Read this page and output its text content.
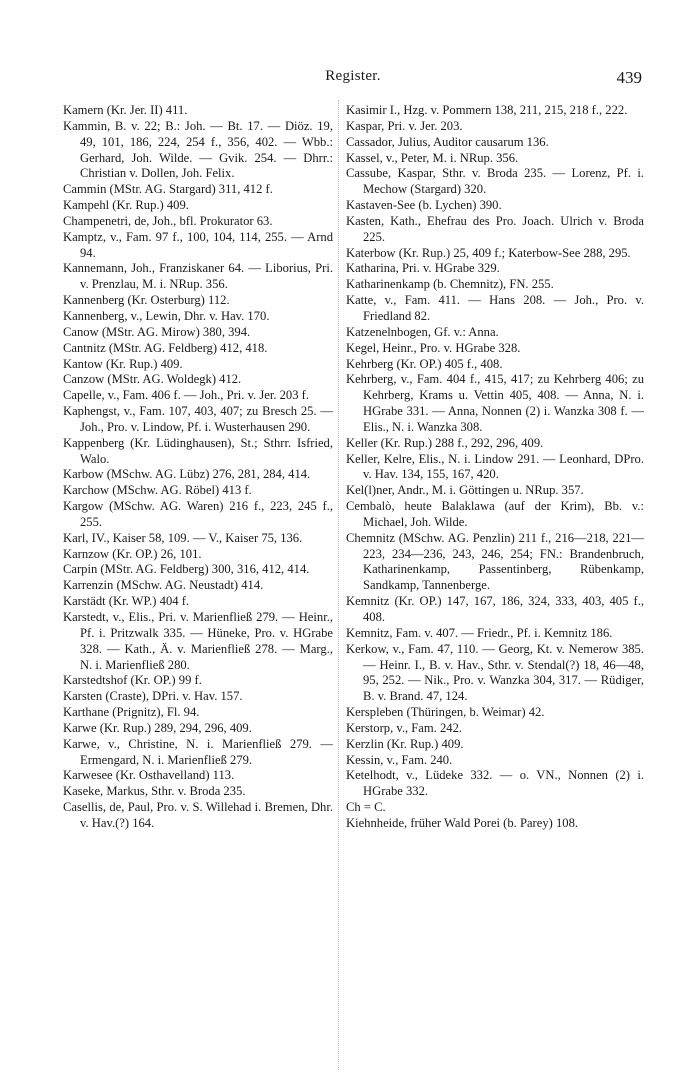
Register.	439

Kamern (Kr. Jer. II) 411.

Kammin, B. v. 22; B.: Joh. — Bt. 17. — Diöz. 19, 49, 101, 186, 224, 254 f., 356, 402. — Wbb.: Gerhard, Joh. Wilde. — Gvik. 254. — Dhrr.: Christian v. Dollen, Joh. Felix.

Cammin (MStr. AG. Stargard) 311, 412 f.

Kampehl (Kr. Rup.) 409.

Champenetri, de, Joh., bfl. Prokurator 63.

Kamptz, v., Fam. 97 f., 100, 104, 114, 255. — Arnd 94.

Kannemann, Joh., Franziskaner 64. — Liborius, Pri. v. Prenzlau, M. i. NRup. 356.

Kannenberg (Kr. Osterburg) 112.

Kannenberg, v., Lewin, Dhr. v. Hav. 170.

Canow (MStr. AG. Mirow) 380, 394.

Cantnitz (MStr. AG. Feldberg) 412, 418.

Kantow (Kr. Rup.) 409.

Canzow (MStr. AG. Woldegk) 412.

Capelle, v., Fam. 406 f. — Joh., Pri. v. Jer. 203 f.

Kaphengst, v., Fam. 107, 403, 407; zu Bresch 25. — Joh., Pro. v. Lindow, Pf. i. Wusterhausen 290.

Kappenberg (Kr. Lüdinghausen), St.; Sthrr. Isfried, Walo.

Karbow (MSchw. AG. Lübz) 276, 281, 284, 414.

Karchow (MSchw. AG. Röbel) 413 f.

Kargow (MSchw. AG. Waren) 216 f., 223, 245 f., 255.

Karl, IV., Kaiser 58, 109. — V., Kaiser 75, 136.

Karnzow (Kr. OP.) 26, 101.

Carpin (MStr. AG. Feldberg) 300, 316, 412, 414.

Karrenzin (MSchw. AG. Neustadt) 414.

Karstädt (Kr. WP.) 404 f.

Karstedt, v., Elis., Pri. v. Marienfließ 279. — Heinr., Pf. i. Pritzwalk 335. — Hüneke, Pro. v. HGrabe 328. — Kath., Ä. v. Marienfließ 278. — Marg., N. i. Marienfließ 280.

Karstedtshof (Kr. OP.) 99 f.

Karsten (Craste), DPri. v. Hav. 157.

Karthane (Prignitz), Fl. 94.

Karwe (Kr. Rup.) 289, 294, 296, 409.

Karwe, v., Christine, N. i. Marienfließ 279. — Ermengard, N. i. Marienfließ 279.

Karwesee (Kr. Osthavelland) 113.

Kaseke, Markus, Sthr. v. Broda 235.

Casellis, de, Paul, Pro. v. S. Willehad i. Bremen, Dhr. v. Hav.(?) 164.

Kasimir I., Hzg. v. Pommern 138, 211, 215, 218 f., 222.

Kaspar, Pri. v. Jer. 203.

Cassador, Julius, Auditor causarum 136.

Kassel, v., Peter, M. i. NRup. 356.

Cassube, Kaspar, Sthr. v. Broda 235. — Lorenz, Pf. i. Mechow (Stargard) 320.

Kastaven-See (b. Lychen) 390.

Kasten, Kath., Ehefrau des Pro. Joach. Ulrich v. Broda 225.

Katerbow (Kr. Rup.) 25, 409 f.; Katerbow-See 288, 295.

Katharina, Pri. v. HGrabe 329.

Katharinenkamp (b. Chemnitz), FN. 255.

Katte, v., Fam. 411. — Hans 208. — Joh., Pro. v. Friedland 82.

Katzenelnbogen, Gf. v.: Anna.

Kegel, Heinr., Pro. v. HGrabe 328.

Kehrberg (Kr. OP.) 405 f., 408.

Kehrberg, v., Fam. 404 f., 415, 417; zu Kehrberg 406; zu Kehrberg, Krams u. Vettin 405, 408. — Anna, N. i. HGrabe 331. — Anna, Nonnen (2) i. Wanzka 308 f. — Elis., N. i. Wanzka 308.

Keller (Kr. Rup.) 288 f., 292, 296, 409.

Keller, Kelre, Elis., N. i. Lindow 291. — Leonhard, DPro. v. Hav. 134, 155, 167, 420.

Kel(l)ner, Andr., M. i. Göttingen u. NRup. 357.

Cembalò, heute Balaklawa (auf der Krim), Bb. v.: Michael, Joh. Wilde.

Chemnitz (MSchw. AG. Penzlin) 211 f., 216—218, 221—223, 234—236, 243, 246, 254; FN.: Brandenbruch, Katharinenkamp, Passentinberg, Rübenkamp, Sandkamp, Tannenberge.

Kemnitz (Kr. OP.) 147, 167, 186, 324, 333, 403, 405 f., 408.

Kemnitz, Fam. v. 407. — Friedr., Pf. i. Kemnitz 186.

Kerkow, v., Fam. 47, 110. — Georg, Kt. v. Nemerow 385. — Heinr. I., B. v. Hav., Sthr. v. Stendal(?) 18, 46—48, 95, 252. — Nik., Pro. v. Wanzka 304, 317. — Rüdiger, B. v. Brand. 47, 124.

Kerspleben (Thüringen, b. Weimar) 42.

Kerstorp, v., Fam. 242.

Kerzlin (Kr. Rup.) 409.

Kessin, v., Fam. 240.

Ketelhodt, v., Lüdeke 332. — o. VN., Nonnen (2) i. HGrabe 332.

Ch = C.

Kiehnheide, früher Wald Porei (b. Parey) 108.
